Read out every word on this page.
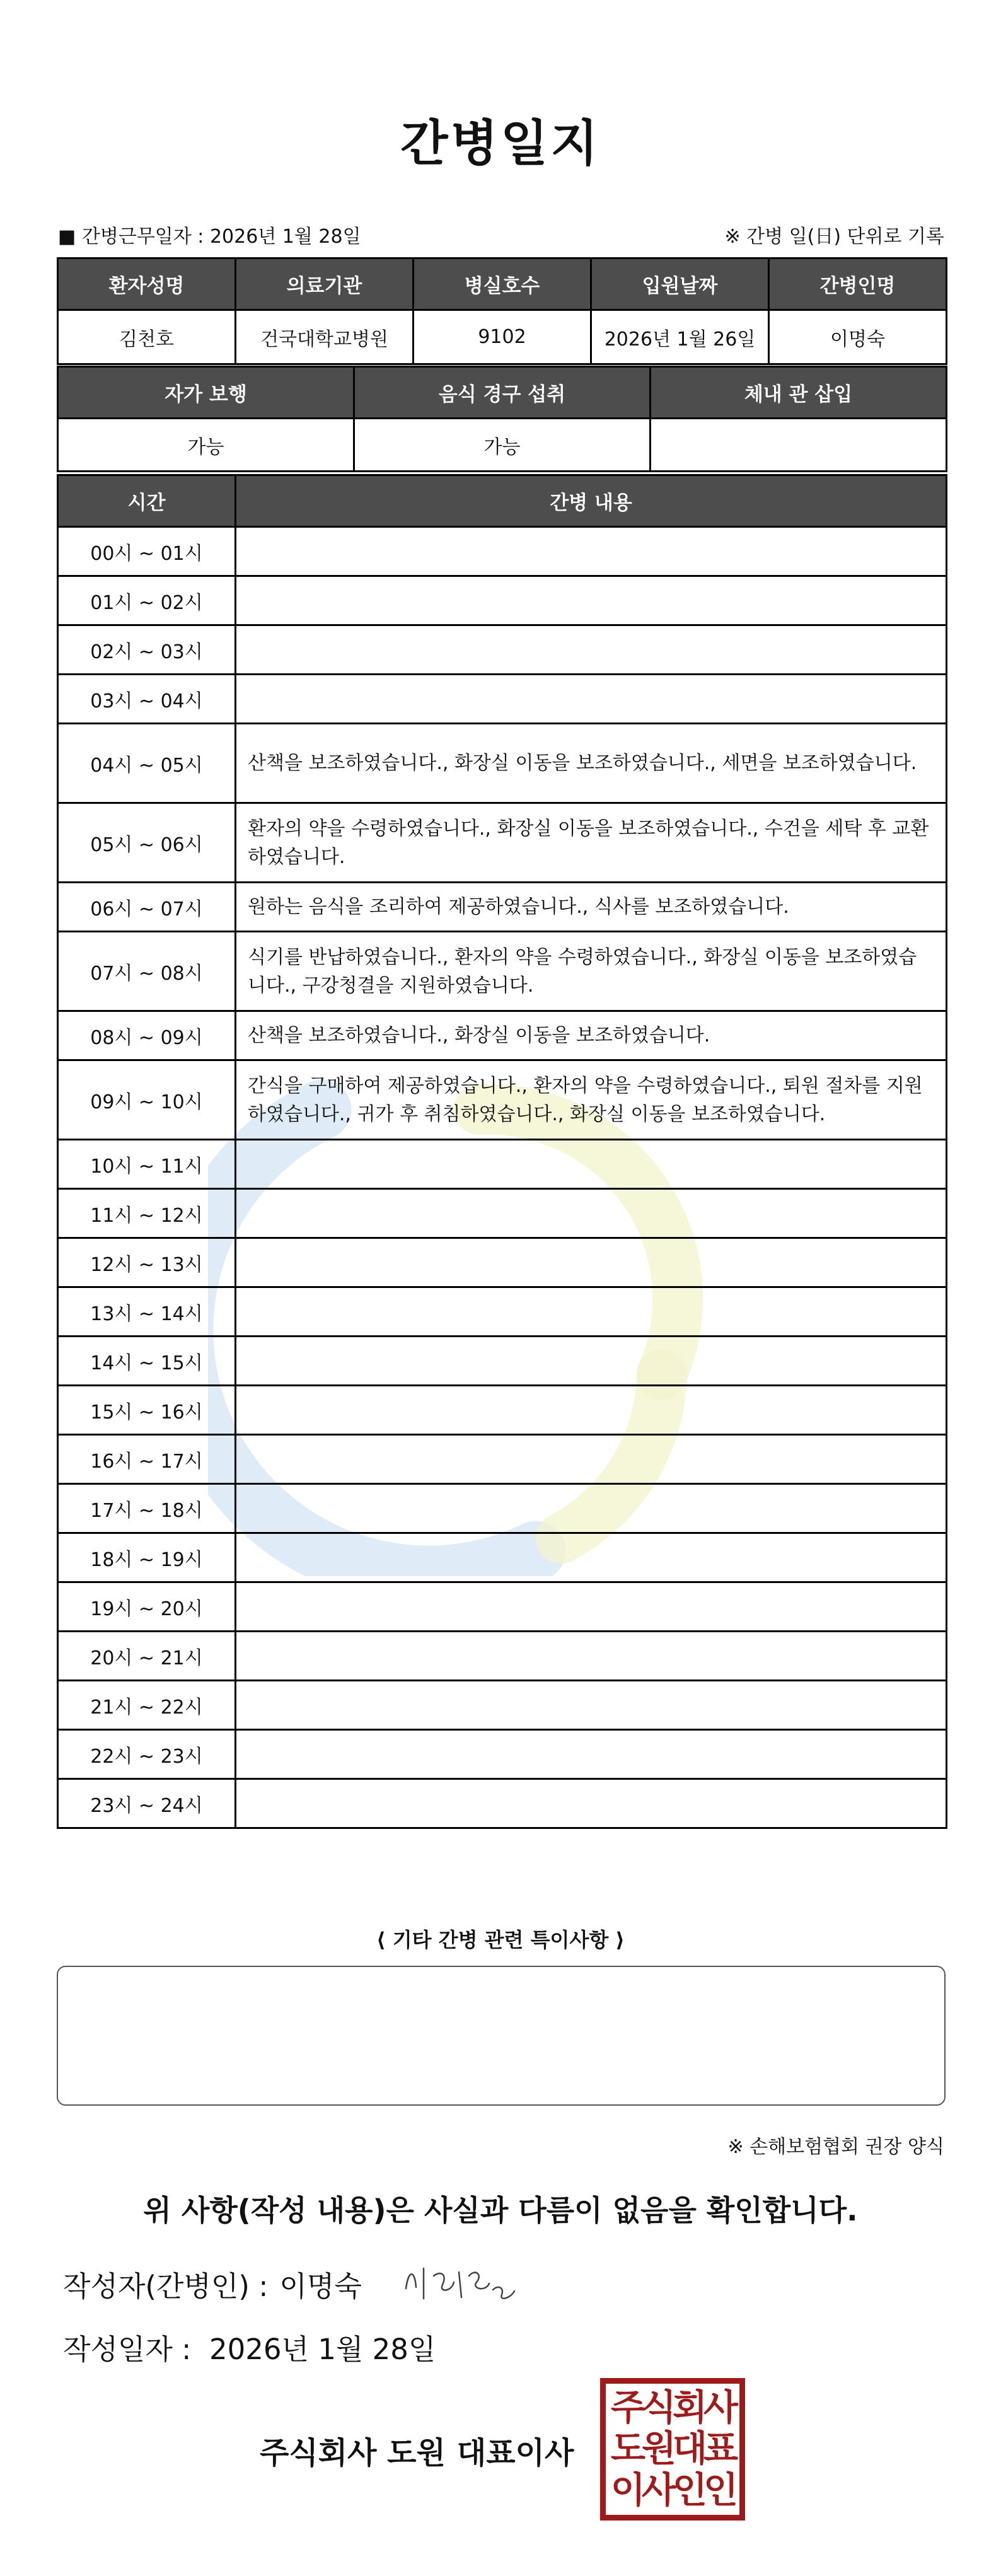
간병일지
■ 간병근무일자 : 2026년 1월 28일	※ 간병 일(日) 단위로 기록
환자성명	의료기관	병실호수	입원날짜	간병인명
김천호	건국대학교병원	9102	2026년 1월 26일	이명숙
자가 보행	음식 경구 섭취	체내 관 삽입
가능	가능	
시간	간병 내용
00시 ~ 01시	
01시 ~ 02시	
02시 ~ 03시	
03시 ~ 04시	
04시 ~ 05시	산책을 보조하였습니다., 화장실 이동을 보조하였습니다., 세면을 보조하였습니다.
05시 ~ 06시	환자의 약을 수령하였습니다., 화장실 이동을 보조하였습니다., 수건을 세탁 후 교환하였습니다.
06시 ~ 07시	원하는 음식을 조리하여 제공하였습니다., 식사를 보조하였습니다.
07시 ~ 08시	식기를 반납하였습니다., 환자의 약을 수령하였습니다., 화장실 이동을 보조하였습니다., 구강청결을 지원하였습니다.
08시 ~ 09시	산책을 보조하였습니다., 화장실 이동을 보조하였습니다.
09시 ~ 10시	간식을 구매하여 제공하였습니다., 환자의 약을 수령하였습니다., 퇴원 절차를 지원하였습니다., 귀가 후 취침하였습니다., 화장실 이동을 보조하였습니다.
10시 ~ 11시	
11시 ~ 12시	
12시 ~ 13시	
13시 ~ 14시	
14시 ~ 15시	
15시 ~ 16시	
16시 ~ 17시	
17시 ~ 18시	
18시 ~ 19시	
19시 ~ 20시	
20시 ~ 21시	
21시 ~ 22시	
22시 ~ 23시	
23시 ~ 24시	
⟨ 기타 간병 관련 특이사항 ⟩
※ 손해보험협회 권장 양식
위 사항(작성 내용)은 사실과 다름이 없음을 확인합니다.
작성자(간병인) : 이명숙
작성일자 : 2026년 1월 28일
주식회사 도원 대표이사
주식회사
도원대표
이사인인
